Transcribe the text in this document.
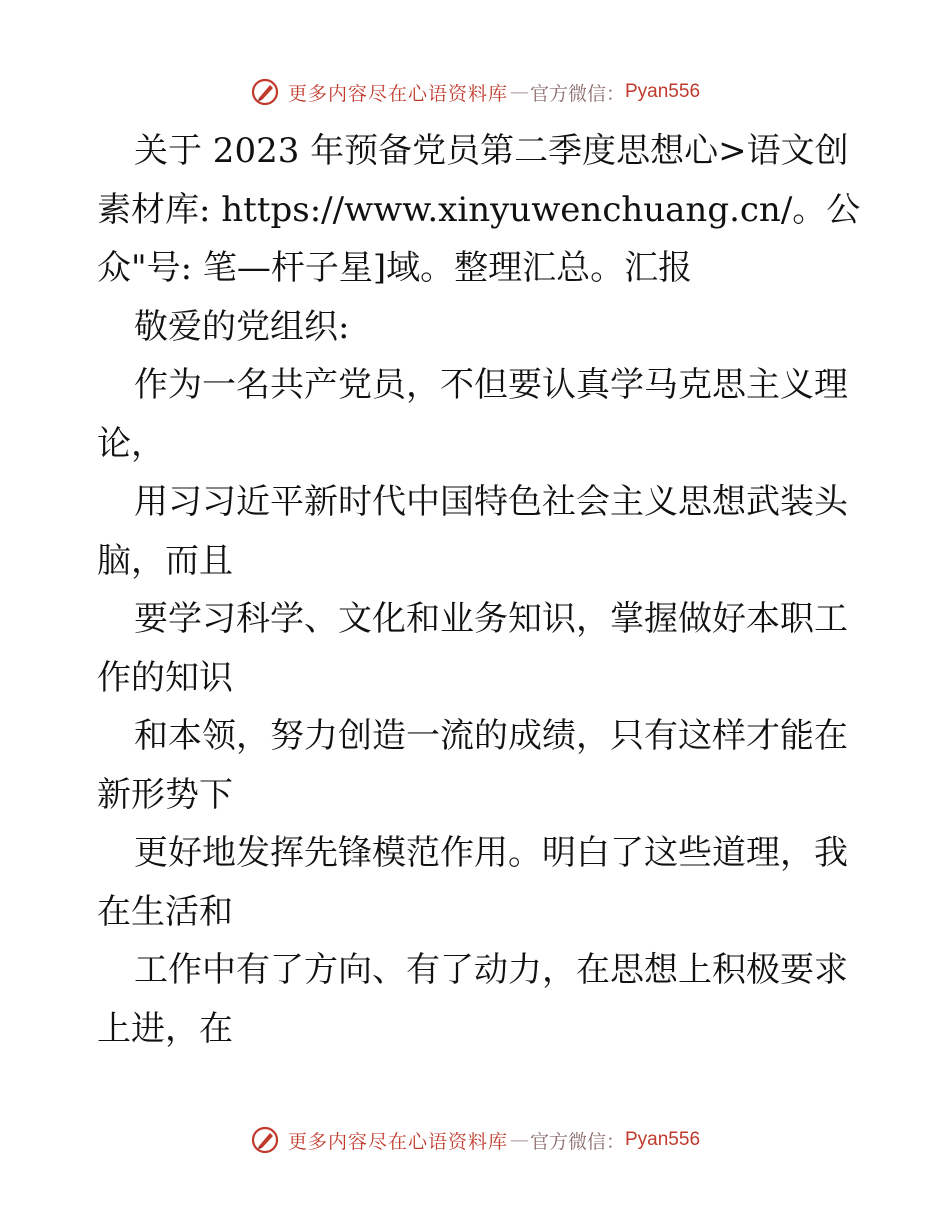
更多内容尽在心语资料库 — 官方微信： Pyan556
关于 2023 年预备党员第二季度思想心>语文创
素材库: https://www.xinyuwenchuang.cn/。公
众"号: 笔—杆子星]域。整理汇总。汇报
敬爱的党组织:
作为一名共产党员，不但要认真学马克思主义理
论，
用习习近平新时代中国特色社会主义思想武装头
脑，而且
要学习科学、文化和业务知识，掌握做好本职工
作的知识
和本领，努力创造一流的成绩，只有这样才能在
新形势下
更好地发挥先锋模范作用。明白了这些道理，我
在生活和
工作中有了方向、有了动力，在思想上积极要求
上进，在
更多内容尽在心语资料库 — 官方微信： Pyan556
